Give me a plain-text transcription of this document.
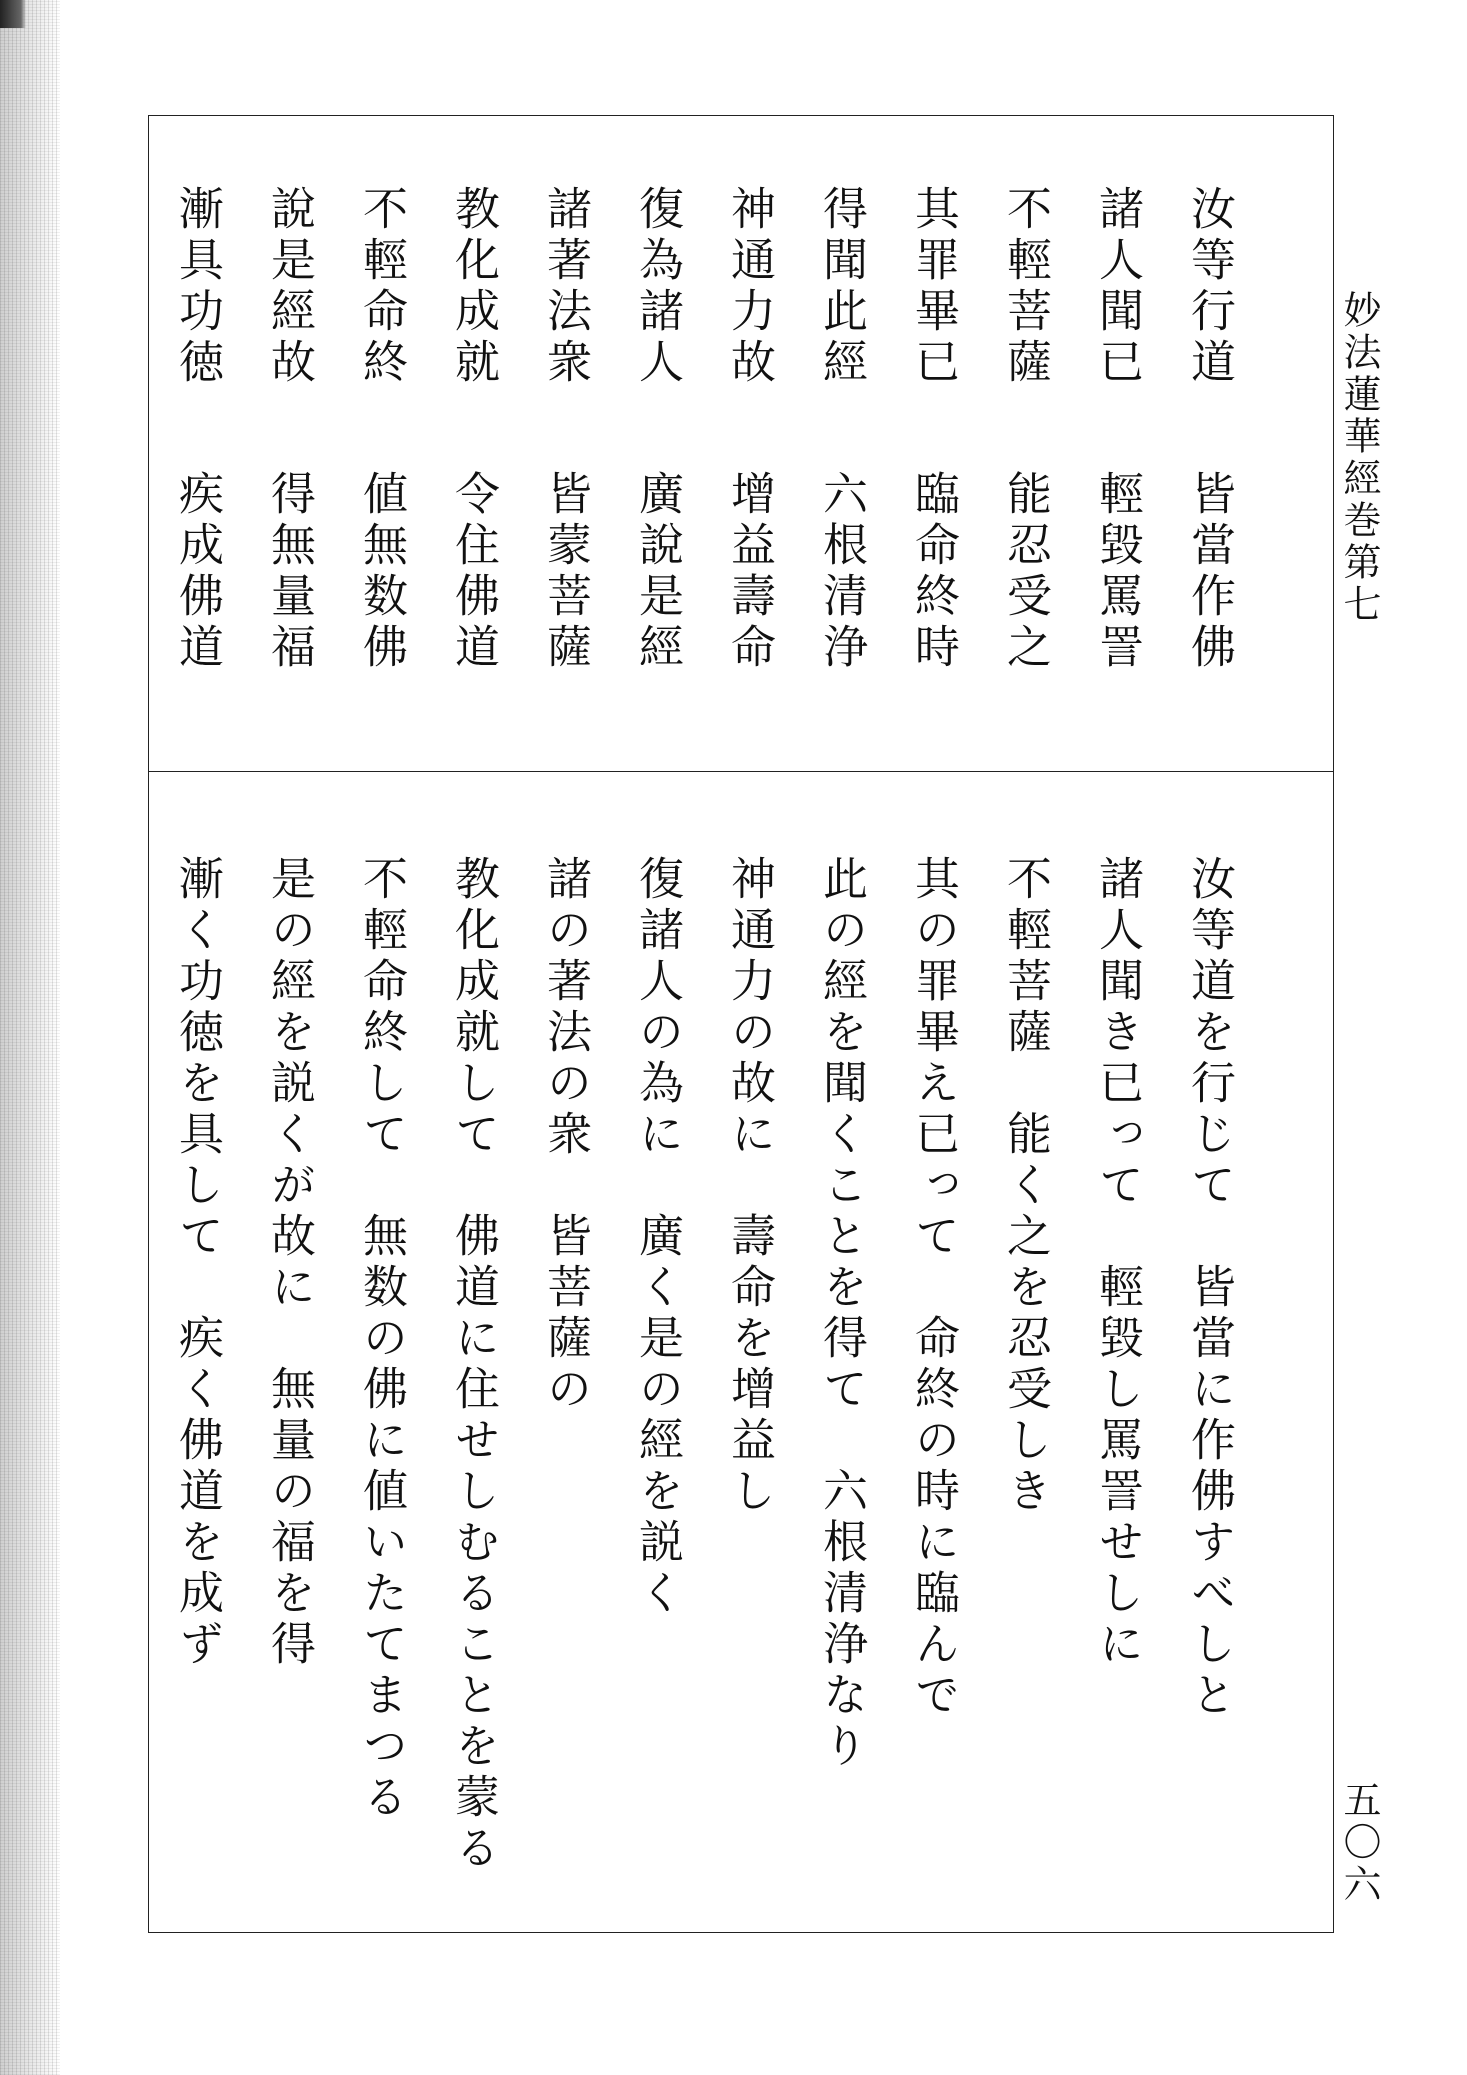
汝等行道
皆當作佛
諸人聞已
輕毀罵詈
不輕菩薩
能忍受之
其罪畢已
臨命終時
得聞此經
六根清浄
神通力故
增益壽命
復為諸人
廣說是經
諸著法衆
皆蒙菩薩
教化成就
令住佛道
不輕命終
値無数佛
說是經故
得無量福
漸具功徳
疾成佛道
汝等道を行じて　皆當に作佛すべしと
諸人聞き已って　輕毀し罵詈せしに
不輕菩薩　能く之を忍受しき
其の罪畢え已って　命終の時に臨んで
此の經を聞くことを得て　六根清浄なり
神通力の故に　壽命を增益し
復諸人の為に　廣く是の經を説く
諸の著法の衆　皆菩薩の
教化成就して　佛道に住せしむることを蒙る
不輕命終して　無数の佛に値いたてまつる
是の經を説くが故に　無量の福を得
漸く功徳を具して　疾く佛道を成ず
妙法蓮華經巻第七
五〇六
